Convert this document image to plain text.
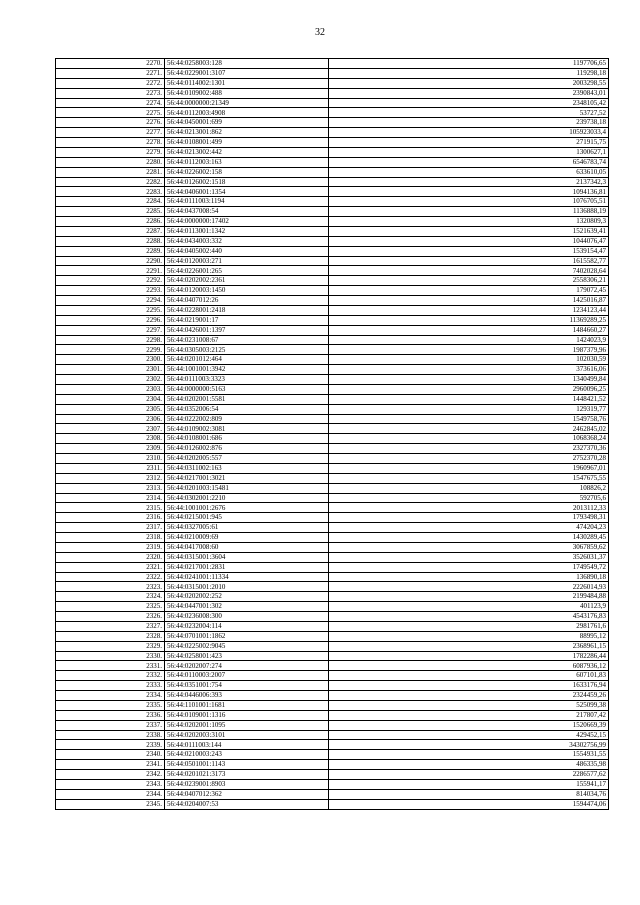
32
2270.	56:44:0258003:128	1197706,65
2271.	56:44:0229001:3107	119298,18
2272.	56:44:0114002:1301	2003298,55
2273.	56:44:0109002:488	2390843,01
2274.	56:44:0000000:21349	2348105,42
2275.	56:44:0112003:4908	53727,52
2276.	56:44:0450001:699	239738,18
2277.	56:44:0213001:862	105923033,4
2278.	56:44:0108001:499	271915,75
2279.	56:44:0213002:442	1300627,1
2280.	56:44:0112003:163	6546783,74
2281.	56:44:0226002:158	633610,05
2282.	56:44:0126002:1518	2137342,3
2283.	56:44:0406001:1354	1094136,81
2284.	56:44:0111003:1194	1076705,51
2285.	56:44:0437008:54	1136888,19
2286.	56:44:0000000:17402	1320809,3
2287.	56:44:0113001:1342	1521639,41
2288.	56:44:0434003:332	1044076,47
2289.	56:44:0405002:440	1539154,47
2290.	56:44:0120003:271	1615582,77
2291.	56:44:0226001:265	7402028,64
2292.	56:44:0202002:2361	2558306,21
2293.	56:44:0120003:1450	179072,45
2294.	56:44:0407012:26	1425016,87
2295.	56:44:0228001:2418	1234123,44
2296.	56:44:0219001:17	11369289,25
2297.	56:44:0426001:1397	1484660,27
2298.	56:44:0231008:67	1424023,9
2299.	56:44:0305003:2125	1987379,96
2300.	56:44:0201012:464	102030,59
2301.	56:44:1001001:3942	373616,06
2302.	56:44:0111003:3323	1340499,84
2303.	56:44:0000000:5163	2960096,25
2304.	56:44:0202001:5581	1448421,52
2305.	56:44:0352006:54	129319,77
2306.	56:44:0222002:809	1549758,76
2307.	56:44:0109002:3081	2462845,02
2308.	56:44:0108001:686	1068368,24
2309.	56:44:0126002:876	2327370,36
2310.	56:44:0202005:557	2752370,28
2311.	56:44:0311002:163	1960967,01
2312.	56:44:0217001:3021	1547675,55
2313.	56:44:0201003:15481	108826,2
2314.	56:44:0302001:2210	592705,6
2315.	56:44:1001001:2676	2013112,33
2316.	56:44:0215001:945	1793498,31
2317.	56:44:0327005:61	474204,23
2318.	56:44:0210009:69	1430289,45
2319.	56:44:0417008:60	3067859,62
2320.	56:44:0315001:3604	3526031,37
2321.	56:44:0217001:2831	1749549,72
2322.	56:44:0241001:11334	136890,18
2323.	56:44:0315001:2010	2226014,93
2324.	56:44:0202002:252	2199484,88
2325.	56:44:0447001:302	401123,9
2326.	56:44:0236008:300	4543176,83
2327.	56:44:0232004:114	2981761,6
2328.	56:44:0701001:1862	88995,12
2329.	56:44:0225002:9045	2368961,15
2330.	56:44:0258001:423	1782286,44
2331.	56:44:0202007:274	6087936,12
2332.	56:44:0110003:2007	607101,83
2333.	56:44:0351001:754	1633176,94
2334.	56:44:0446006:393	2324459,26
2335.	56:44:1101001:1681	525099,38
2336.	56:44:0109001:1316	217807,42
2337.	56:44:0202001:1095	1520669,39
2338.	56:44:0202003:3101	429452,15
2339.	56:44:0111003:144	34302756,99
2340.	56:44:0210003:243	1554931,55
2341.	56:44:0501001:1143	486335,98
2342.	56:44:0201021:3173	2286577,62
2343.	56:44:0239001:8903	155941,17
2344.	56:44:0407012:362	814034,76
2345.	56:44:0204007:53	1594474,06
